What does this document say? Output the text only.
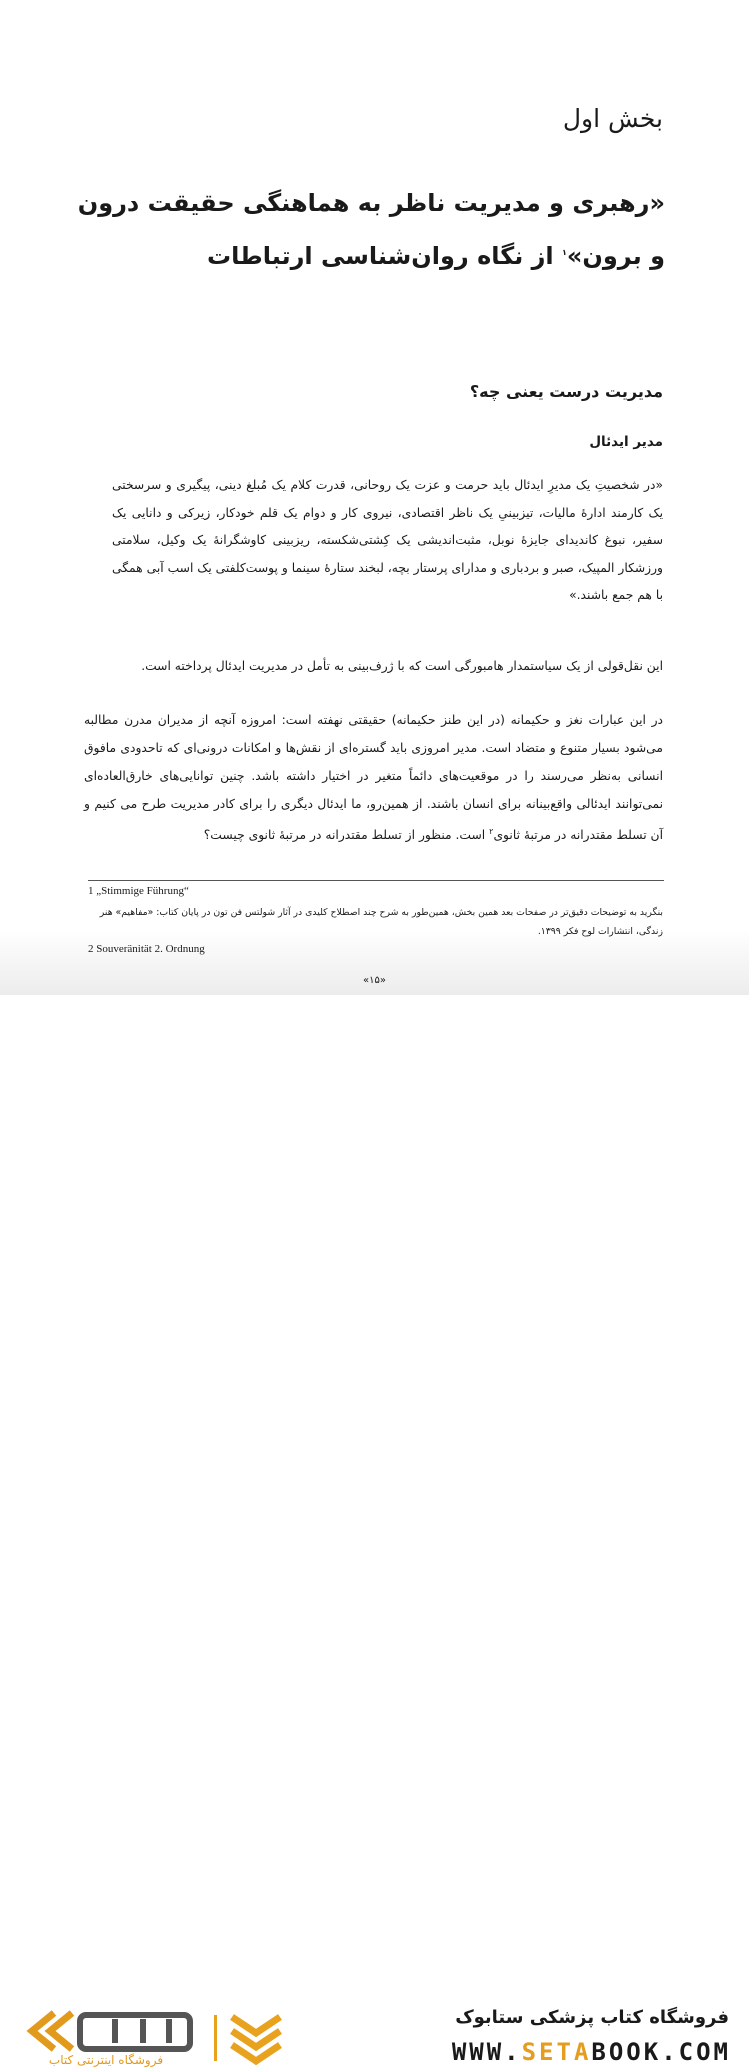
بخش اول
«رهبری و مدیریت ناظر به هماهنگی حقیقت درون و برون»$^۱$ از نگاه روان‌شناسی ارتباطات
مدیریت درست یعنی چه؟
مدیر ایدئال
«در شخصیتِ یک مدیرِ ایدئال باید حرمت و عزت یک روحانی، قدرت کلام یک مُبلغ دینی، پیگیری و سرسختی یک کارمند ادارهٔ مالیات، تیزبینیِ یک ناظر اقتصادی، نیروی کار و دوام یک قلم خودکار، زیرکی و دانایی یک سفیر، نبوغ کاندیدای جایزهٔ نوبل، مثبت‌اندیشی یک کِشتی‌شکسته، ریزبینی کاوشگرانهٔ یک وکیل، سلامتی ورزشکار المپیک، صبر و بردباری و مدارای پرستار بچه، لبخند ستارهٔ سینما و پوست‌کلفتی یک اسب آبی همگی با هم جمع باشند.»
این نقل‌قولی از یک سیاستمدار هامبورگی است که با ژرف‌بینی به تأمل در مدیریت ایدئال پرداخته است.
در این عبارات نغز و حکیمانه (در این طنز حکیمانه) حقیقتی نهفته است: امروزه آنچه از مدیران مدرن مطالبه می‌شود بسیار متنوع و متضاد است. مدیر امروزی باید گستره‌ای از نقش‌ها و امکانات درونی‌ای که تاحدودی مافوق انسانی به‌نظر می‌رسند را در موقعیت‌های دائماً متغیر در اختیار داشته باشد. چنین توانایی‌های خارق‌العاده‌ای نمی‌توانند ایدئالی واقع‌بینانه برای انسان باشند. از همین‌رو، ما ایدئال دیگری را برای کادر مدیریت طرح می کنیم و آن تسلط مقتدرانه در مرتبهٔ ثانوی$^۲$ است. منظور از تسلط مقتدرانه در مرتبهٔ ثانوی چیست؟
1 „Stimmige Führung“
بنگرید به توضیحات دقیق‌تر در صفحات بعد همین بخش، همین‌طور به شرح چند اصطلاح کلیدی در آثار شولتس فن تون در پایان کتاب: «مفاهیم» هنر زندگی، انتشارات لوح فکر ۱۳۹۹.
2 Souveränität 2. Ordnung
«۱۵»
فروشگاه اینترنتی کتاب
فروشگاه کتاب پزشکی ستابوک
WWW.SETABOOK.COM
